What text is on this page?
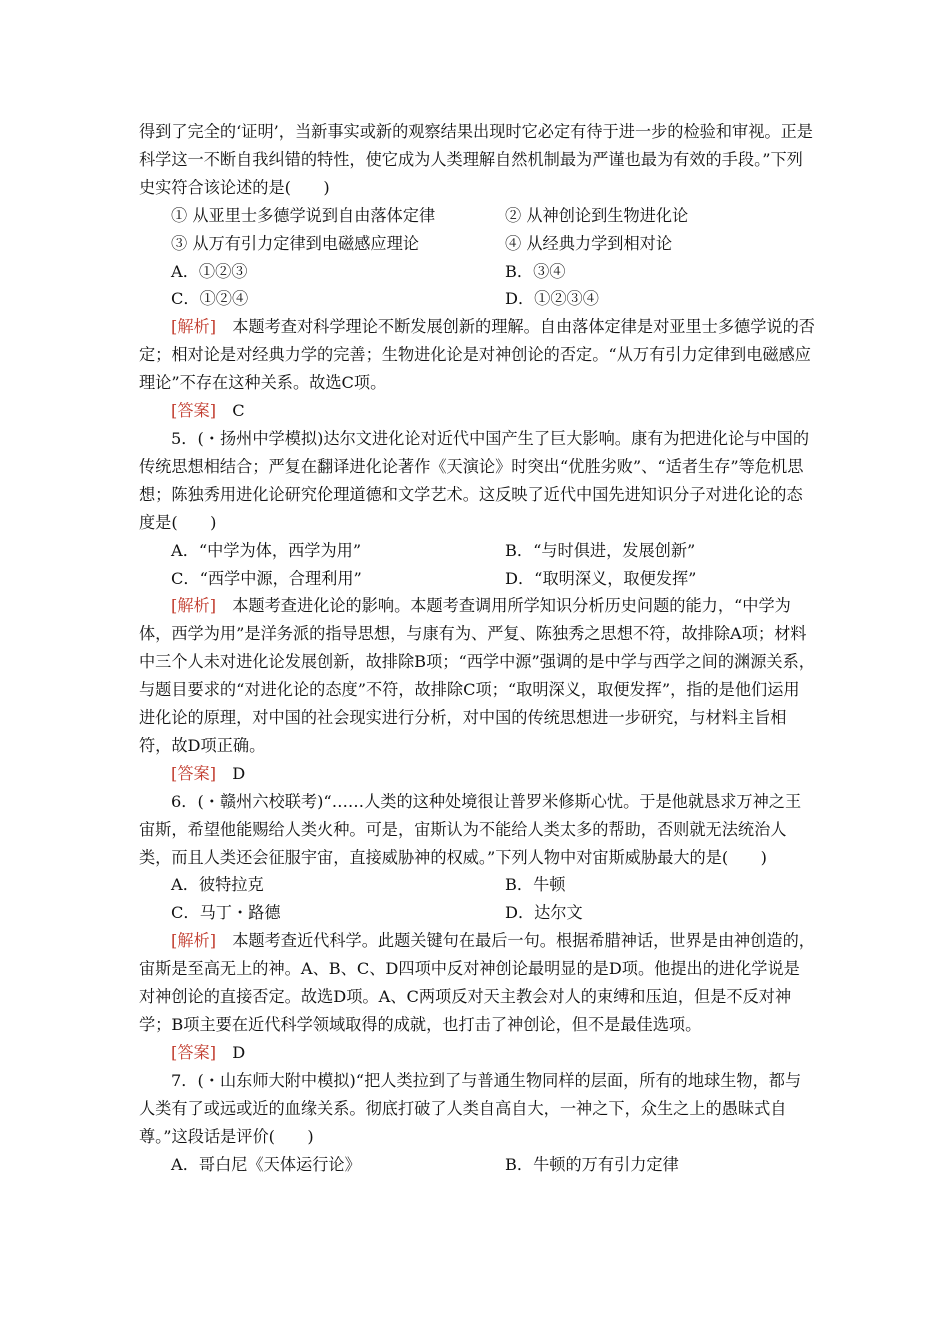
得到了完全的‘证明’，当新事实或新的观察结果出现时它必定有待于进一步的检验和审视。正是科学这一不断自我纠错的特性，使它成为人类理解自然机制最为严谨也最为有效的手段。”下列史实符合该论述的是(　　)

① 从亚里士多德学说到自由落体定律	② 从神创论到生物进化论
③ 从万有引力定律到电磁感应理论	④ 从经典力学到相对论
A．①②③	B．③④
C．①②④	D．①②③④

[ 解析 ]　 本题考查对科学理论不断发展创新的理解。自由落体定律是对亚里士多德学说的否定；相对论是对经典力学的完善；生物进化论是对神创论的否定。“从万有引力定律到电磁感应理论”不存在这种关系。故选C项。

[ 答案 ]　 C

5．(・扬州中学模拟)达尔文进化论对近代中国产生了巨大影响。康有为把进化论与中国的传统思想相结合；严复在翻译进化论著作《天演论》时突出“优胜劣败”、“适者生存”等危机思想；陈独秀用进化论研究伦理道德和文学艺术。这反映了近代中国先进知识分子对进化论的态度是(　　)

A．“中学为体，西学为用”	B．“与时俱进，发展创新”
C．“西学中源，合理利用”	D．“取明深义，取便发挥”

[ 解析 ]　 本题考查进化论的影响。本题考查调用所学知识分析历史问题的能力，“中学为体，西学为用”是洋务派的指导思想，与康有为、严复、陈独秀之思想不符，故排除A项；材料中三个人未对进化论发展创新，故排除B项；“西学中源”强调的是中学与西学之间的渊源关系，与题目要求的“对进化论的态度”不符，故排除C项；“取明深义，取便发挥”，指的是他们运用进化论的原理，对中国的社会现实进行分析，对中国的传统思想进一步研究，与材料主旨相符，故D项正确。

[ 答案 ]　 D

6．(・赣州六校联考)“……人类的这种处境很让普罗米修斯心忧。于是他就恳求万神之王宙斯，希望他能赐给人类火种。可是，宙斯认为不能给人类太多的帮助，否则就无法统治人类，而且人类还会征服宇宙，直接威胁神的权威。”下列人物中对宙斯威胁最大的是(　　)

A．彼特拉克	B．牛顿
C．马丁・路德	D．达尔文

[ 解析 ]　 本题考查近代科学。此题关键句在最后一句。根据希腊神话，世界是由神创造的，宙斯是至高无上的神。A、B、C、D四项中反对神创论最明显的是D项。他提出的进化学说是对神创论的直接否定。故选D项。A、C两项反对天主教会对人的束缚和压迫，但是不反对神学；B项主要在近代科学领域取得的成就，也打击了神创论，但不是最佳选项。

[ 答案 ]　 D

7．(・山东师大附中模拟)“把人类拉到了与普通生物同样的层面，所有的地球生物，都与人类有了或远或近的血缘关系。彻底打破了人类自高自大，一神之下，众生之上的愚昧式自尊。”这段话是评价(　　)

A．哥白尼《天体运行论》	B．牛顿的万有引力定律
